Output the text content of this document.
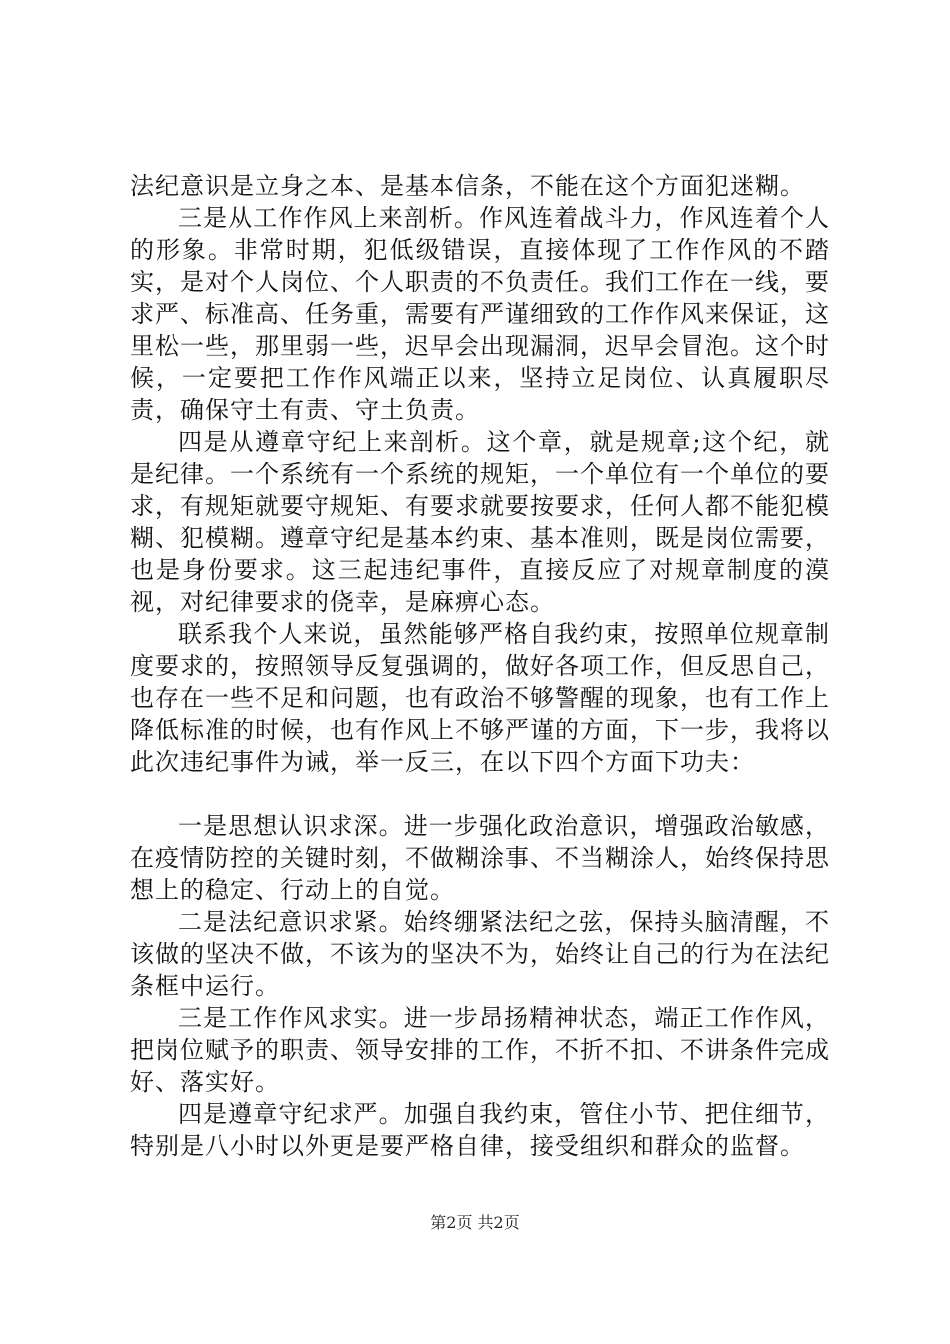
法纪意识是立身之本、是基本信条，不能在这个方面犯迷糊。

三是从工作作风上来剖析。作风连着战斗力，作风连着个人的形象。非常时期，犯低级错误，直接体现了工作作风的不踏实，是对个人岗位、个人职责的不负责任。我们工作在一线，要求严、标准高、任务重，需要有严谨细致的工作作风来保证，这里松一些，那里弱一些，迟早会出现漏洞，迟早会冒泡。这个时候，一定要把工作作风端正以来，坚持立足岗位、认真履职尽责，确保守土有责、守土负责。

四是从遵章守纪上来剖析。这个章，就是规章;这个纪，就是纪律。一个系统有一个系统的规矩，一个单位有一个单位的要求，有规矩就要守规矩、有要求就要按要求，任何人都不能犯模糊、犯模糊。遵章守纪是基本约束、基本准则，既是岗位需要，也是身份要求。这三起违纪事件，直接反应了对规章制度的漠视，对纪律要求的侥幸，是麻痹心态。

联系我个人来说，虽然能够严格自我约束，按照单位规章制度要求的，按照领导反复强调的，做好各项工作，但反思自己，也存在一些不足和问题，也有政治不够警醒的现象，也有工作上降低标准的时候，也有作风上不够严谨的方面，下一步，我将以此次违纪事件为诫，举一反三，在以下四个方面下功夫：

一是思想认识求深。进一步强化政治意识，增强政治敏感，在疫情防控的关键时刻，不做糊涂事、不当糊涂人，始终保持思想上的稳定、行动上的自觉。

二是法纪意识求紧。始终绷紧法纪之弦，保持头脑清醒，不该做的坚决不做，不该为的坚决不为，始终让自己的行为在法纪条框中运行。

三是工作作风求实。进一步昂扬精神状态，端正工作作风，把岗位赋予的职责、领导安排的工作，不折不扣、不讲条件完成好、落实好。

四是遵章守纪求严。加强自我约束，管住小节、把住细节，特别是八小时以外更是要严格自律，接受组织和群众的监督。

第2页 共2页
